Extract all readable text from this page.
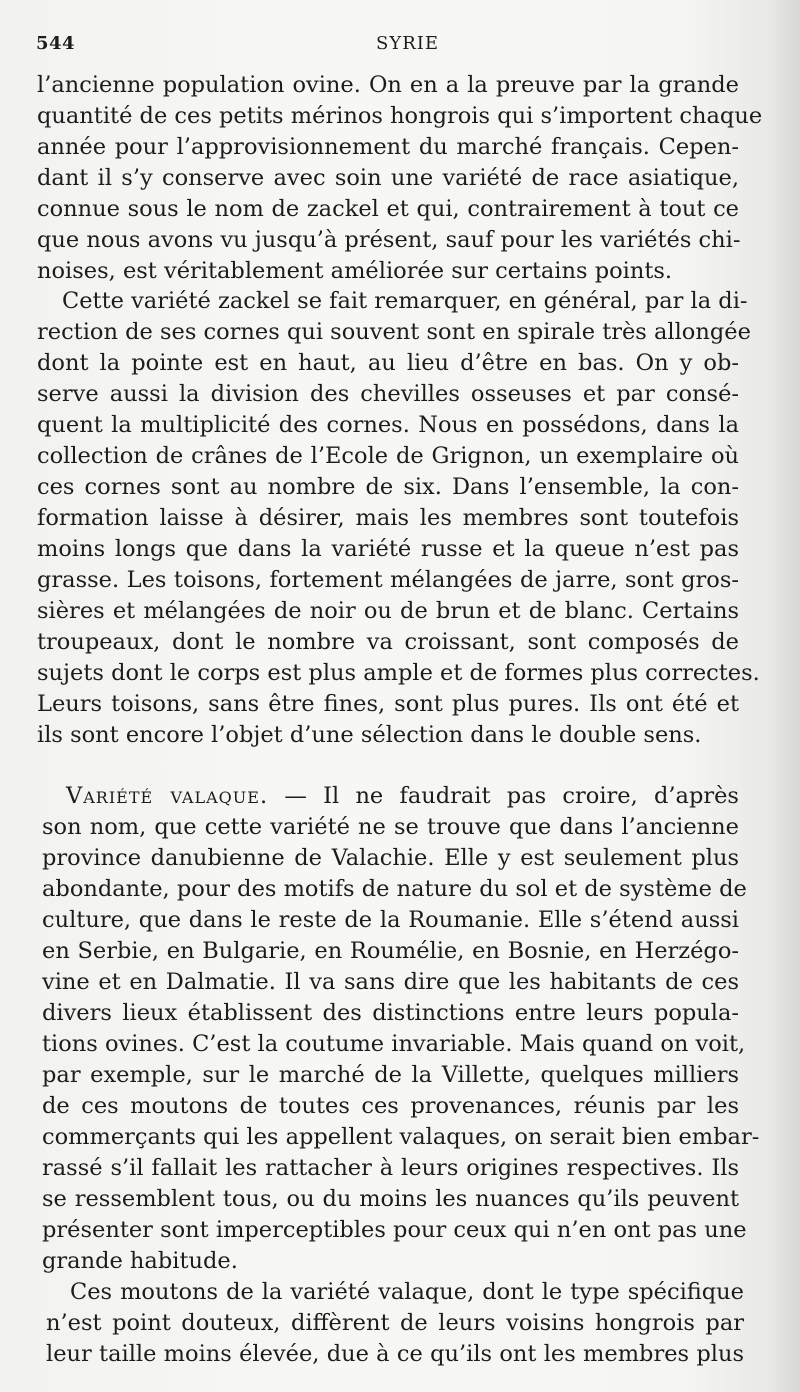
544	SYRIE
l’ancienne population ovine. On en a la preuve par la grande
quantité de ces petits mérinos hongrois qui s’importent chaque
année pour l’approvisionnement du marché français. Cepen-
dant il s’y conserve avec soin une variété de race asiatique,
connue sous le nom de zackel et qui, contrairement à tout ce
que nous avons vu jusqu’à présent, sauf pour les variétés chi-
noises, est véritablement améliorée sur certains points.
Cette variété zackel se fait remarquer, en général, par la di-
rection de ses cornes qui souvent sont en spirale très allongée
dont la pointe est en haut, au lieu d’être en bas. On y ob-
serve aussi la division des chevilles osseuses et par consé-
quent la multiplicité des cornes. Nous en possédons, dans la
collection de crânes de l’Ecole de Grignon, un exemplaire où
ces cornes sont au nombre de six. Dans l’ensemble, la con-
formation laisse à désirer, mais les membres sont toutefois
moins longs que dans la variété russe et la queue n’est pas
grasse. Les toisons, fortement mélangées de jarre, sont gros-
sières et mélangées de noir ou de brun et de blanc. Certains
troupeaux, dont le nombre va croissant, sont composés de
sujets dont le corps est plus ample et de formes plus correctes.
Leurs toisons, sans être fines, sont plus pures. Ils ont été et
ils sont encore l’objet d’une sélection dans le double sens.
Variété valaque. — Il ne faudrait pas croire, d’après
son nom, que cette variété ne se trouve que dans l’ancienne
province danubienne de Valachie. Elle y est seulement plus
abondante, pour des motifs de nature du sol et de système de
culture, que dans le reste de la Roumanie. Elle s’étend aussi
en Serbie, en Bulgarie, en Roumélie, en Bosnie, en Herzégo-
vine et en Dalmatie. Il va sans dire que les habitants de ces
divers lieux établissent des distinctions entre leurs popula-
tions ovines. C’est la coutume invariable. Mais quand on voit,
par exemple, sur le marché de la Villette, quelques milliers
de ces moutons de toutes ces provenances, réunis par les
commerçants qui les appellent valaques, on serait bien embar-
rassé s’il fallait les rattacher à leurs origines respectives. Ils
se ressemblent tous, ou du moins les nuances qu’ils peuvent
présenter sont imperceptibles pour ceux qui n’en ont pas une
grande habitude.
Ces moutons de la variété valaque, dont le type spécifique
n’est point douteux, diffèrent de leurs voisins hongrois par
leur taille moins élevée, due à ce qu’ils ont les membres plus
